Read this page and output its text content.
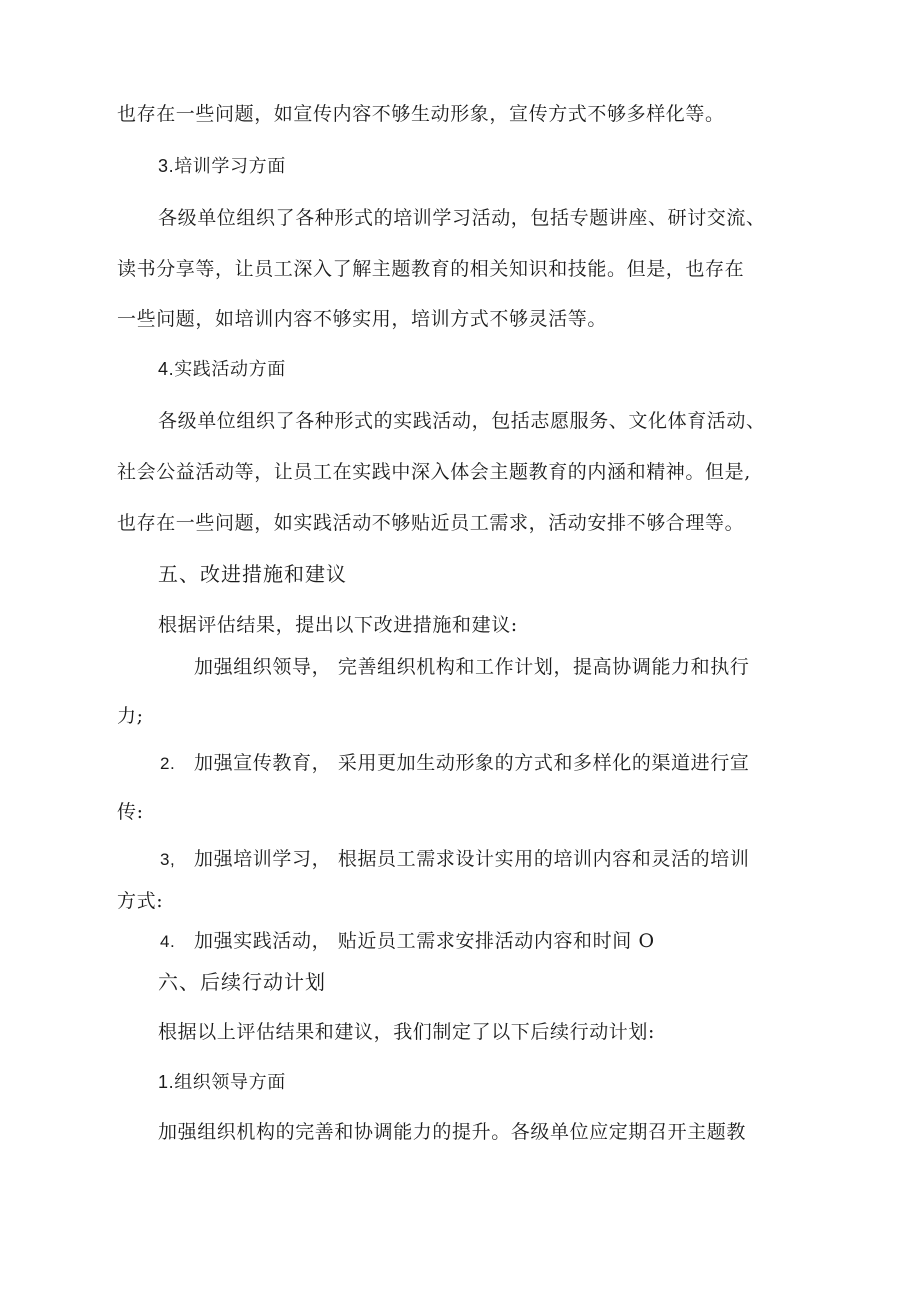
也存在一些问题，如宣传内容不够生动形象，宣传方式不够多样化等。
3.培训学习方面
各级单位组织了各种形式的培训学习活动，包括专题讲座、研讨交流、
读书分享等，让员工深入了解主题教育的相关知识和技能。但是，也存在
一些问题，如培训内容不够实用，培训方式不够灵活等。
4.实践活动方面
各级单位组织了各种形式的实践活动，包括志愿服务、文化体育活动、
社会公益活动等，让员工在实践中深入体会主题教育的内涵和精神。但是,
也存在一些问题，如实践活动不够贴近员工需求，活动安排不够合理等。
五、改进措施和建议
根据评估结果，提出以下改进措施和建议:
加强组织领导， 完善组织机构和工作计划，提高协调能力和执行
力;
2. 加强宣传教育， 采用更加生动形象的方式和多样化的渠道进行宣
传:
3, 加强培训学习， 根据员工需求设计实用的培训内容和灵活的培训
方式:
4. 加强实践活动， 贴近员工需求安排活动内容和时间 O
六、后续行动计划
根据以上评估结果和建议，我们制定了以下后续行动计划:
1.组织领导方面
加强组织机构的完善和协调能力的提升。各级单位应定期召开主题教
